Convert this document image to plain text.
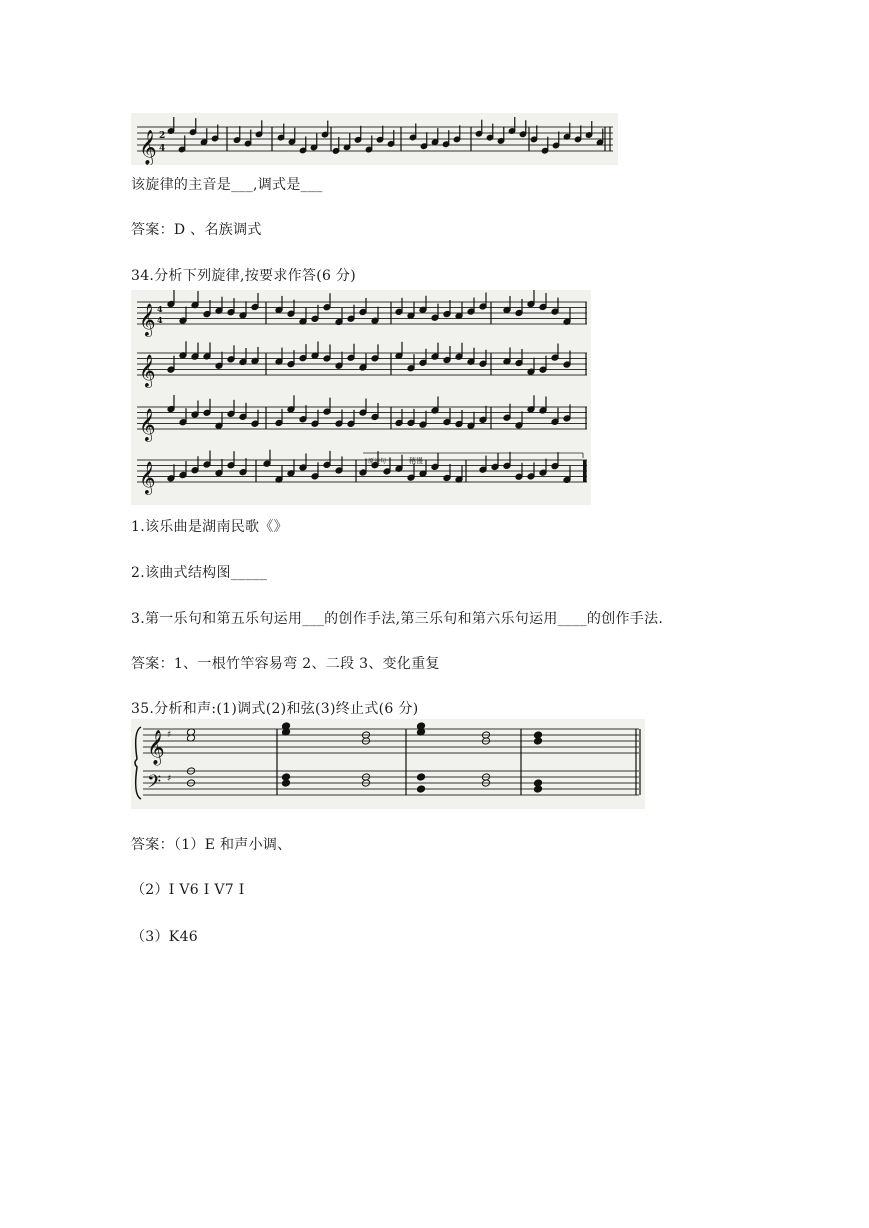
𝄞 2
4
该旋律的主音是___,调式是___
答案：D 、名族调式
34.分析下列旋律,按要求作答(6 分)
𝄞 4
4
𝄞
𝄞
𝄞	原速句	稍慢
1.该乐曲是湖南民歌《》
2.该曲式结构图_____
3.第一乐句和第五乐句运用___的创作手法,第三乐句和第六乐句运用____的创作手法.
答案：1、一根竹竿容易弯 2、二段 3、变化重复
35.分析和声:(1)调式(2)和弦(3)终止式(6 分)
𝄞
𝄢
♯
♯
答案：（1）E 和声小调、
（2）I V6 I V7 I
（3）K46
